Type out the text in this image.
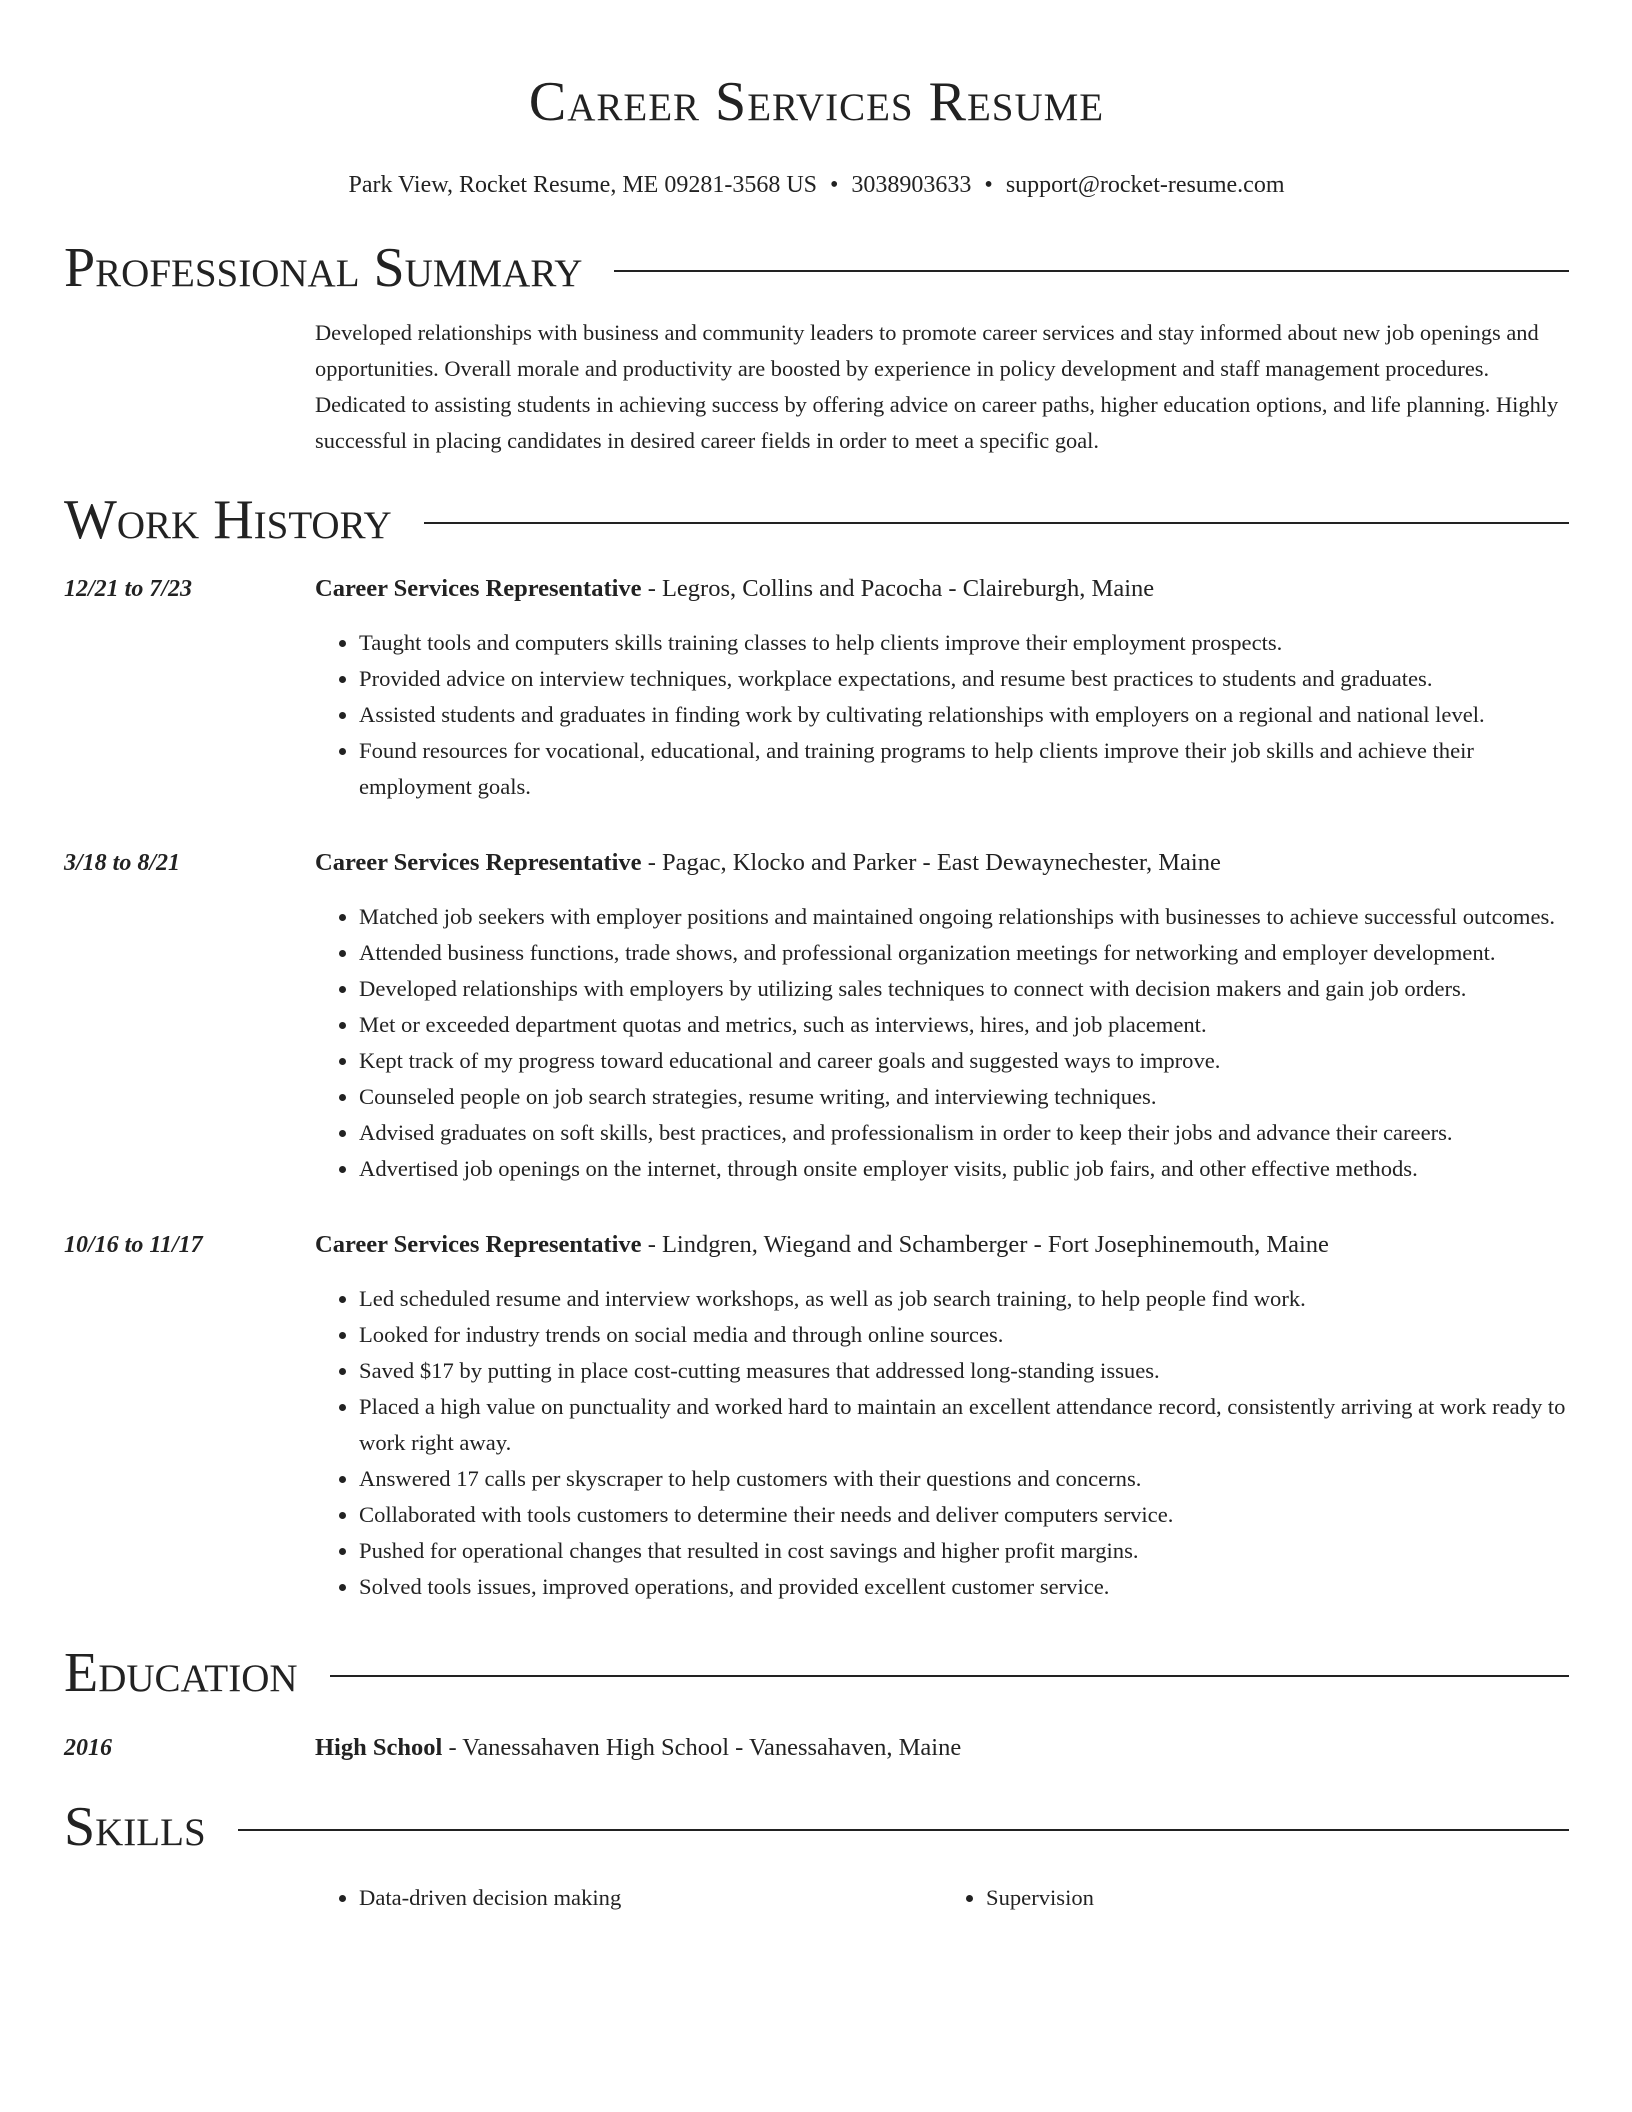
Career Services Resume
Park View, Rocket Resume, ME 09281-3568 US • 3038903633 • support@rocket-resume.com
Professional Summary
Developed relationships with business and community leaders to promote career services and stay informed about new job openings and opportunities. Overall morale and productivity are boosted by experience in policy development and staff management procedures. Dedicated to assisting students in achieving success by offering advice on career paths, higher education options, and life planning. Highly successful in placing candidates in desired career fields in order to meet a specific goal.
Work History
12/21 to 7/23	Career Services Representative - Legros, Collins and Pacocha - Claireburgh, Maine
• Taught tools and computers skills training classes to help clients improve their employment prospects.
• Provided advice on interview techniques, workplace expectations, and resume best practices to students and graduates.
• Assisted students and graduates in finding work by cultivating relationships with employers on a regional and national level.
• Found resources for vocational, educational, and training programs to help clients improve their job skills and achieve their employment goals.
3/18 to 8/21	Career Services Representative - Pagac, Klocko and Parker - East Dewaynechester, Maine
• Matched job seekers with employer positions and maintained ongoing relationships with businesses to achieve successful outcomes.
• Attended business functions, trade shows, and professional organization meetings for networking and employer development.
• Developed relationships with employers by utilizing sales techniques to connect with decision makers and gain job orders.
• Met or exceeded department quotas and metrics, such as interviews, hires, and job placement.
• Kept track of my progress toward educational and career goals and suggested ways to improve.
• Counseled people on job search strategies, resume writing, and interviewing techniques.
• Advised graduates on soft skills, best practices, and professionalism in order to keep their jobs and advance their careers.
• Advertised job openings on the internet, through onsite employer visits, public job fairs, and other effective methods.
10/16 to 11/17	Career Services Representative - Lindgren, Wiegand and Schamberger - Fort Josephinemouth, Maine
• Led scheduled resume and interview workshops, as well as job search training, to help people find work.
• Looked for industry trends on social media and through online sources.
• Saved $17 by putting in place cost-cutting measures that addressed long-standing issues.
• Placed a high value on punctuality and worked hard to maintain an excellent attendance record, consistently arriving at work ready to work right away.
• Answered 17 calls per skyscraper to help customers with their questions and concerns.
• Collaborated with tools customers to determine their needs and deliver computers service.
• Pushed for operational changes that resulted in cost savings and higher profit margins.
• Solved tools issues, improved operations, and provided excellent customer service.
Education
2016	High School - Vanessahaven High School - Vanessahaven, Maine
Skills
• Data-driven decision making
•	Supervision
